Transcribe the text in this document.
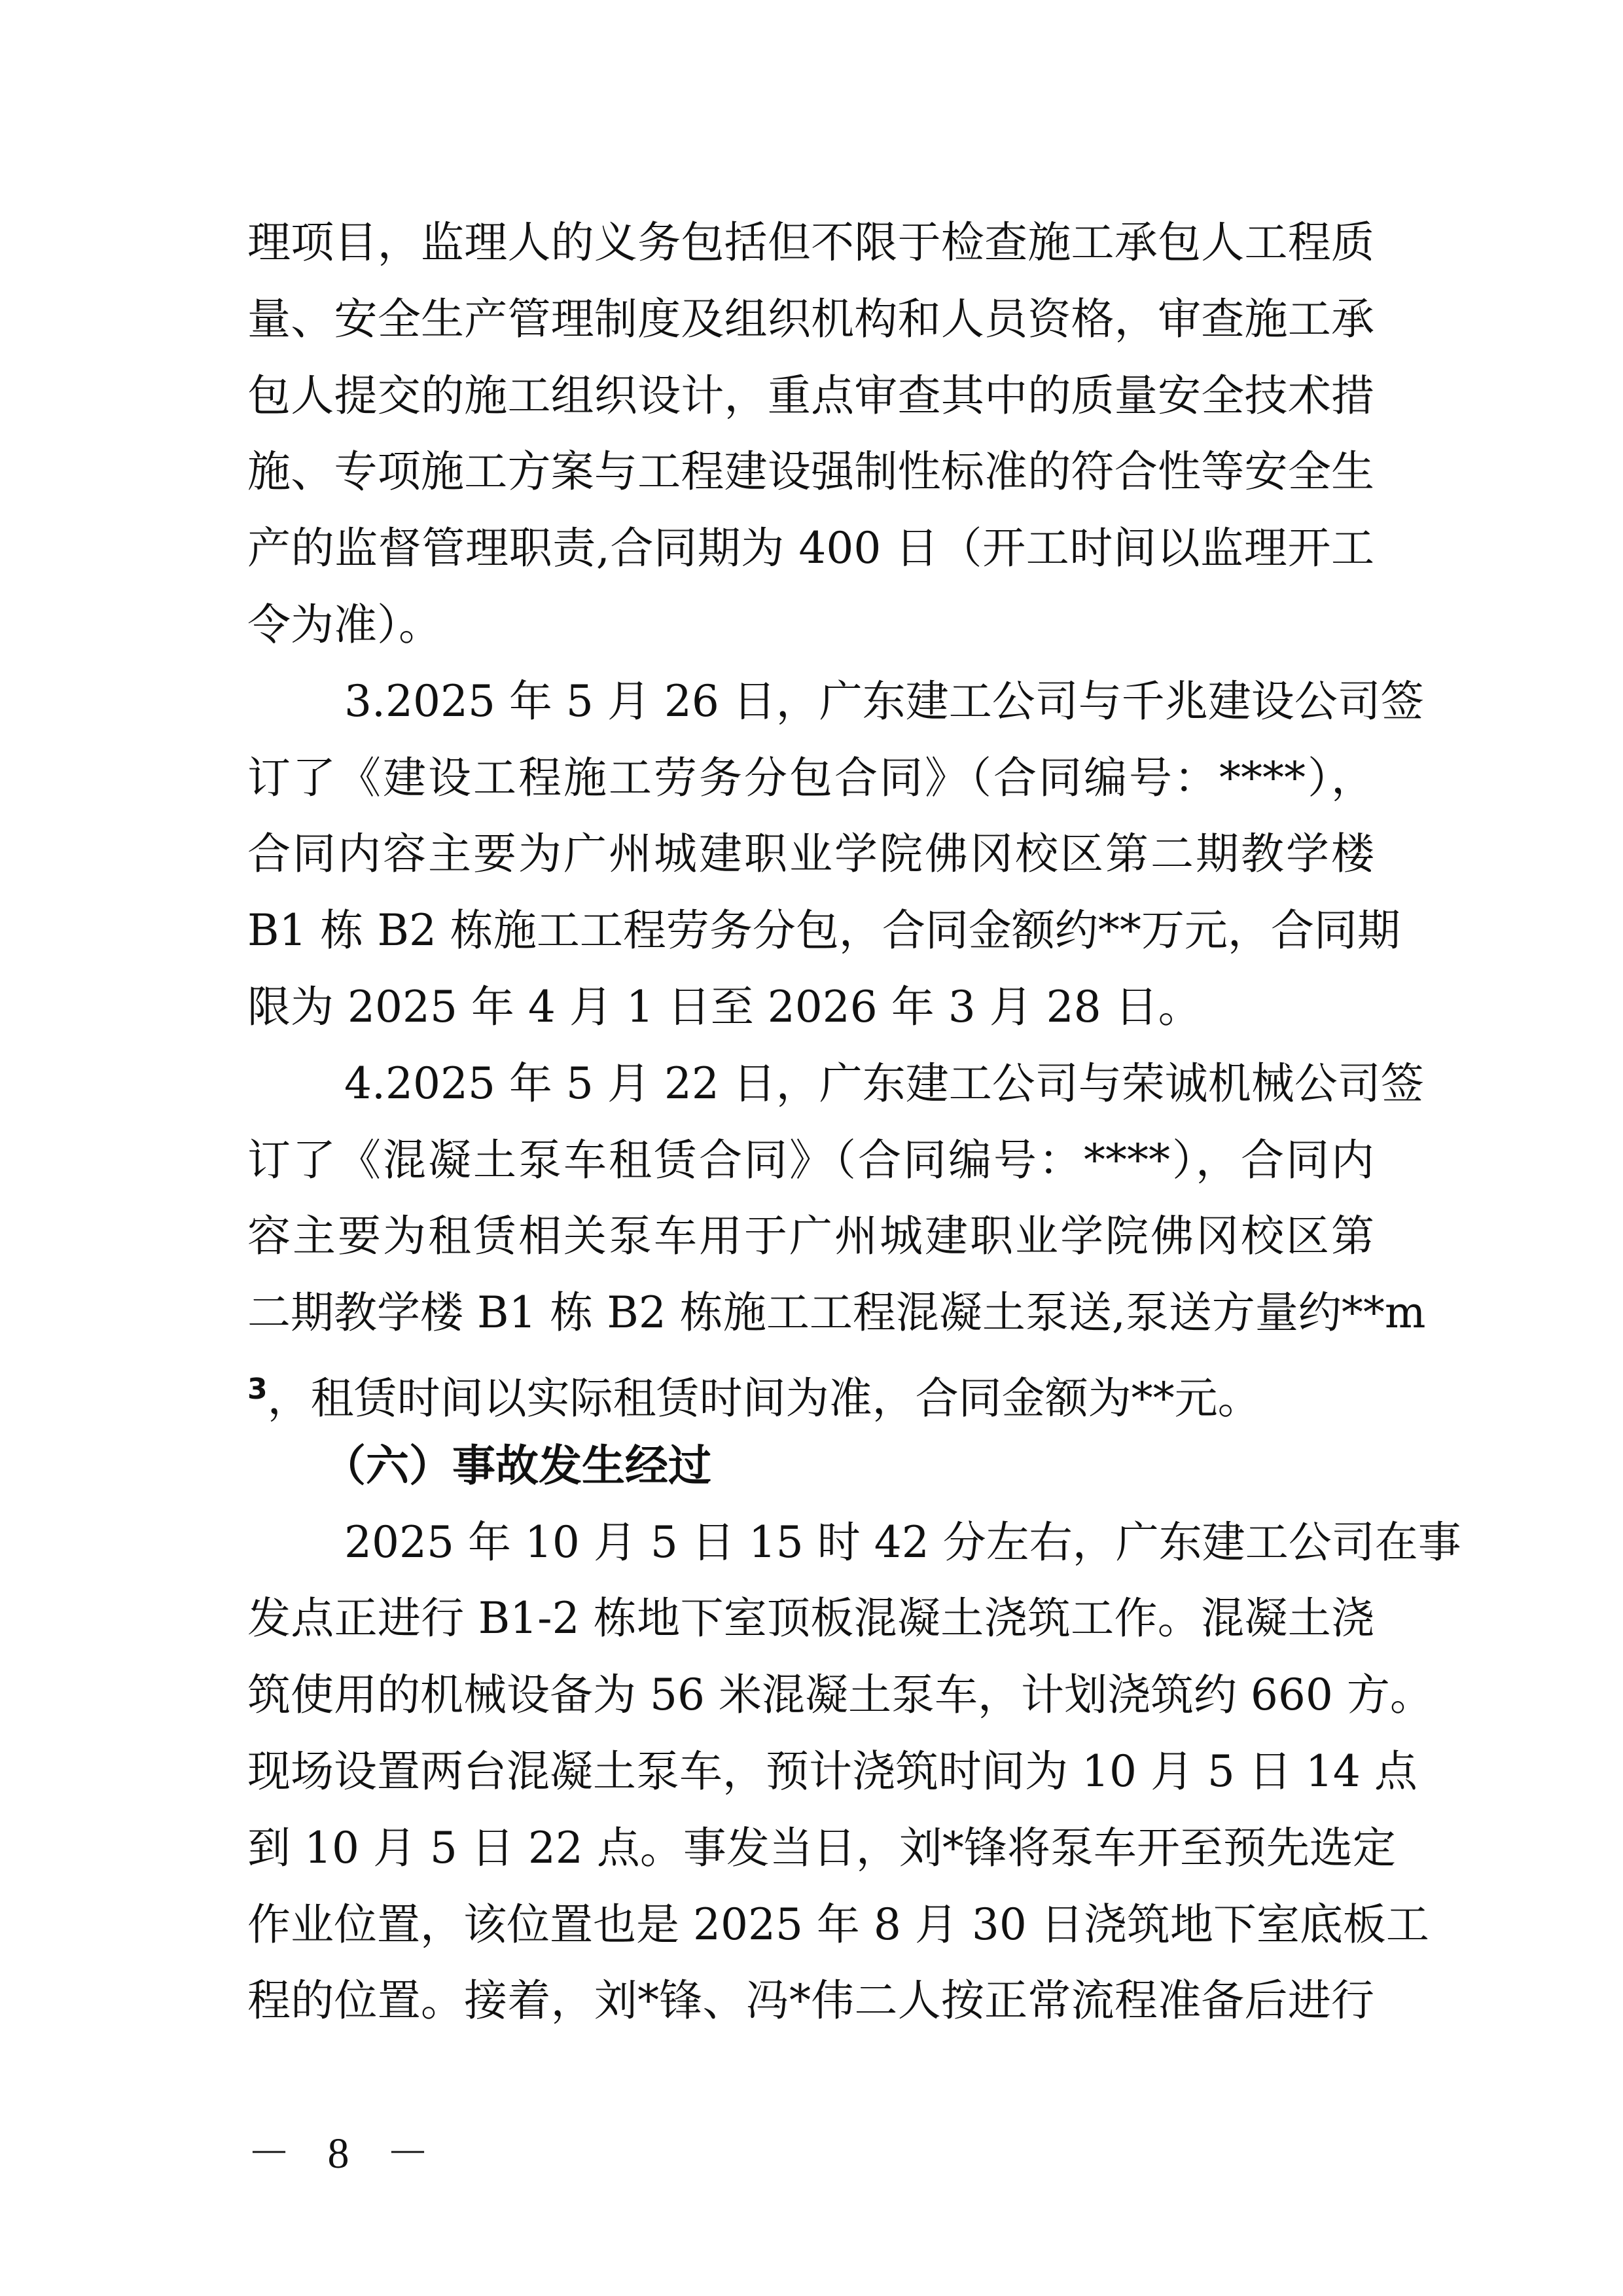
理项目，监理人的义务包括但不限于检查施工承包人工程质
量、安全生产管理制度及组织机构和人员资格，审查施工承
包人提交的施工组织设计，重点审查其中的质量安全技术措
施、专项施工方案与工程建设强制性标准的符合性等安全生
产的监督管理职责,合同期为 400 日（开工时间以监理开工
令为准）。
3.2025 年 5 月 26 日，广东建工公司与千兆建设公司签
订了《建设工程施工劳务分包合同》（合同编号：****），
合同内容主要为广州城建职业学院佛冈校区第二期教学楼
B1 栋 B2 栋施工工程劳务分包，合同金额约**万元，合同期
限为 2025 年 4 月 1 日至 2026 年 3 月 28 日。
4.2025 年 5 月 22 日，广东建工公司与荣诚机械公司签
订了《混凝土泵车租赁合同》（合同编号：****），合同内
容主要为租赁相关泵车用于广州城建职业学院佛冈校区第
二期教学楼 B1 栋 B2 栋施工工程混凝土泵送,泵送方量约**m
$^3$，租赁时间以实际租赁时间为准，合同金额为**元。
（六）事故发生经过
2025 年 10 月 5 日 15 时 42 分左右，广东建工公司在事
发点正进行 B1-2 栋地下室顶板混凝土浇筑工作。混凝土浇
筑使用的机械设备为 56 米混凝土泵车，计划浇筑约 660 方。
现场设置两台混凝土泵车，预计浇筑时间为 10 月 5 日 14 点
到 10 月 5 日 22 点。事发当日，刘*锋将泵车开至预先选定
作业位置，该位置也是 2025 年 8 月 30 日浇筑地下室底板工
程的位置。接着，刘*锋、冯*伟二人按正常流程准备后进行
－ 8 －
